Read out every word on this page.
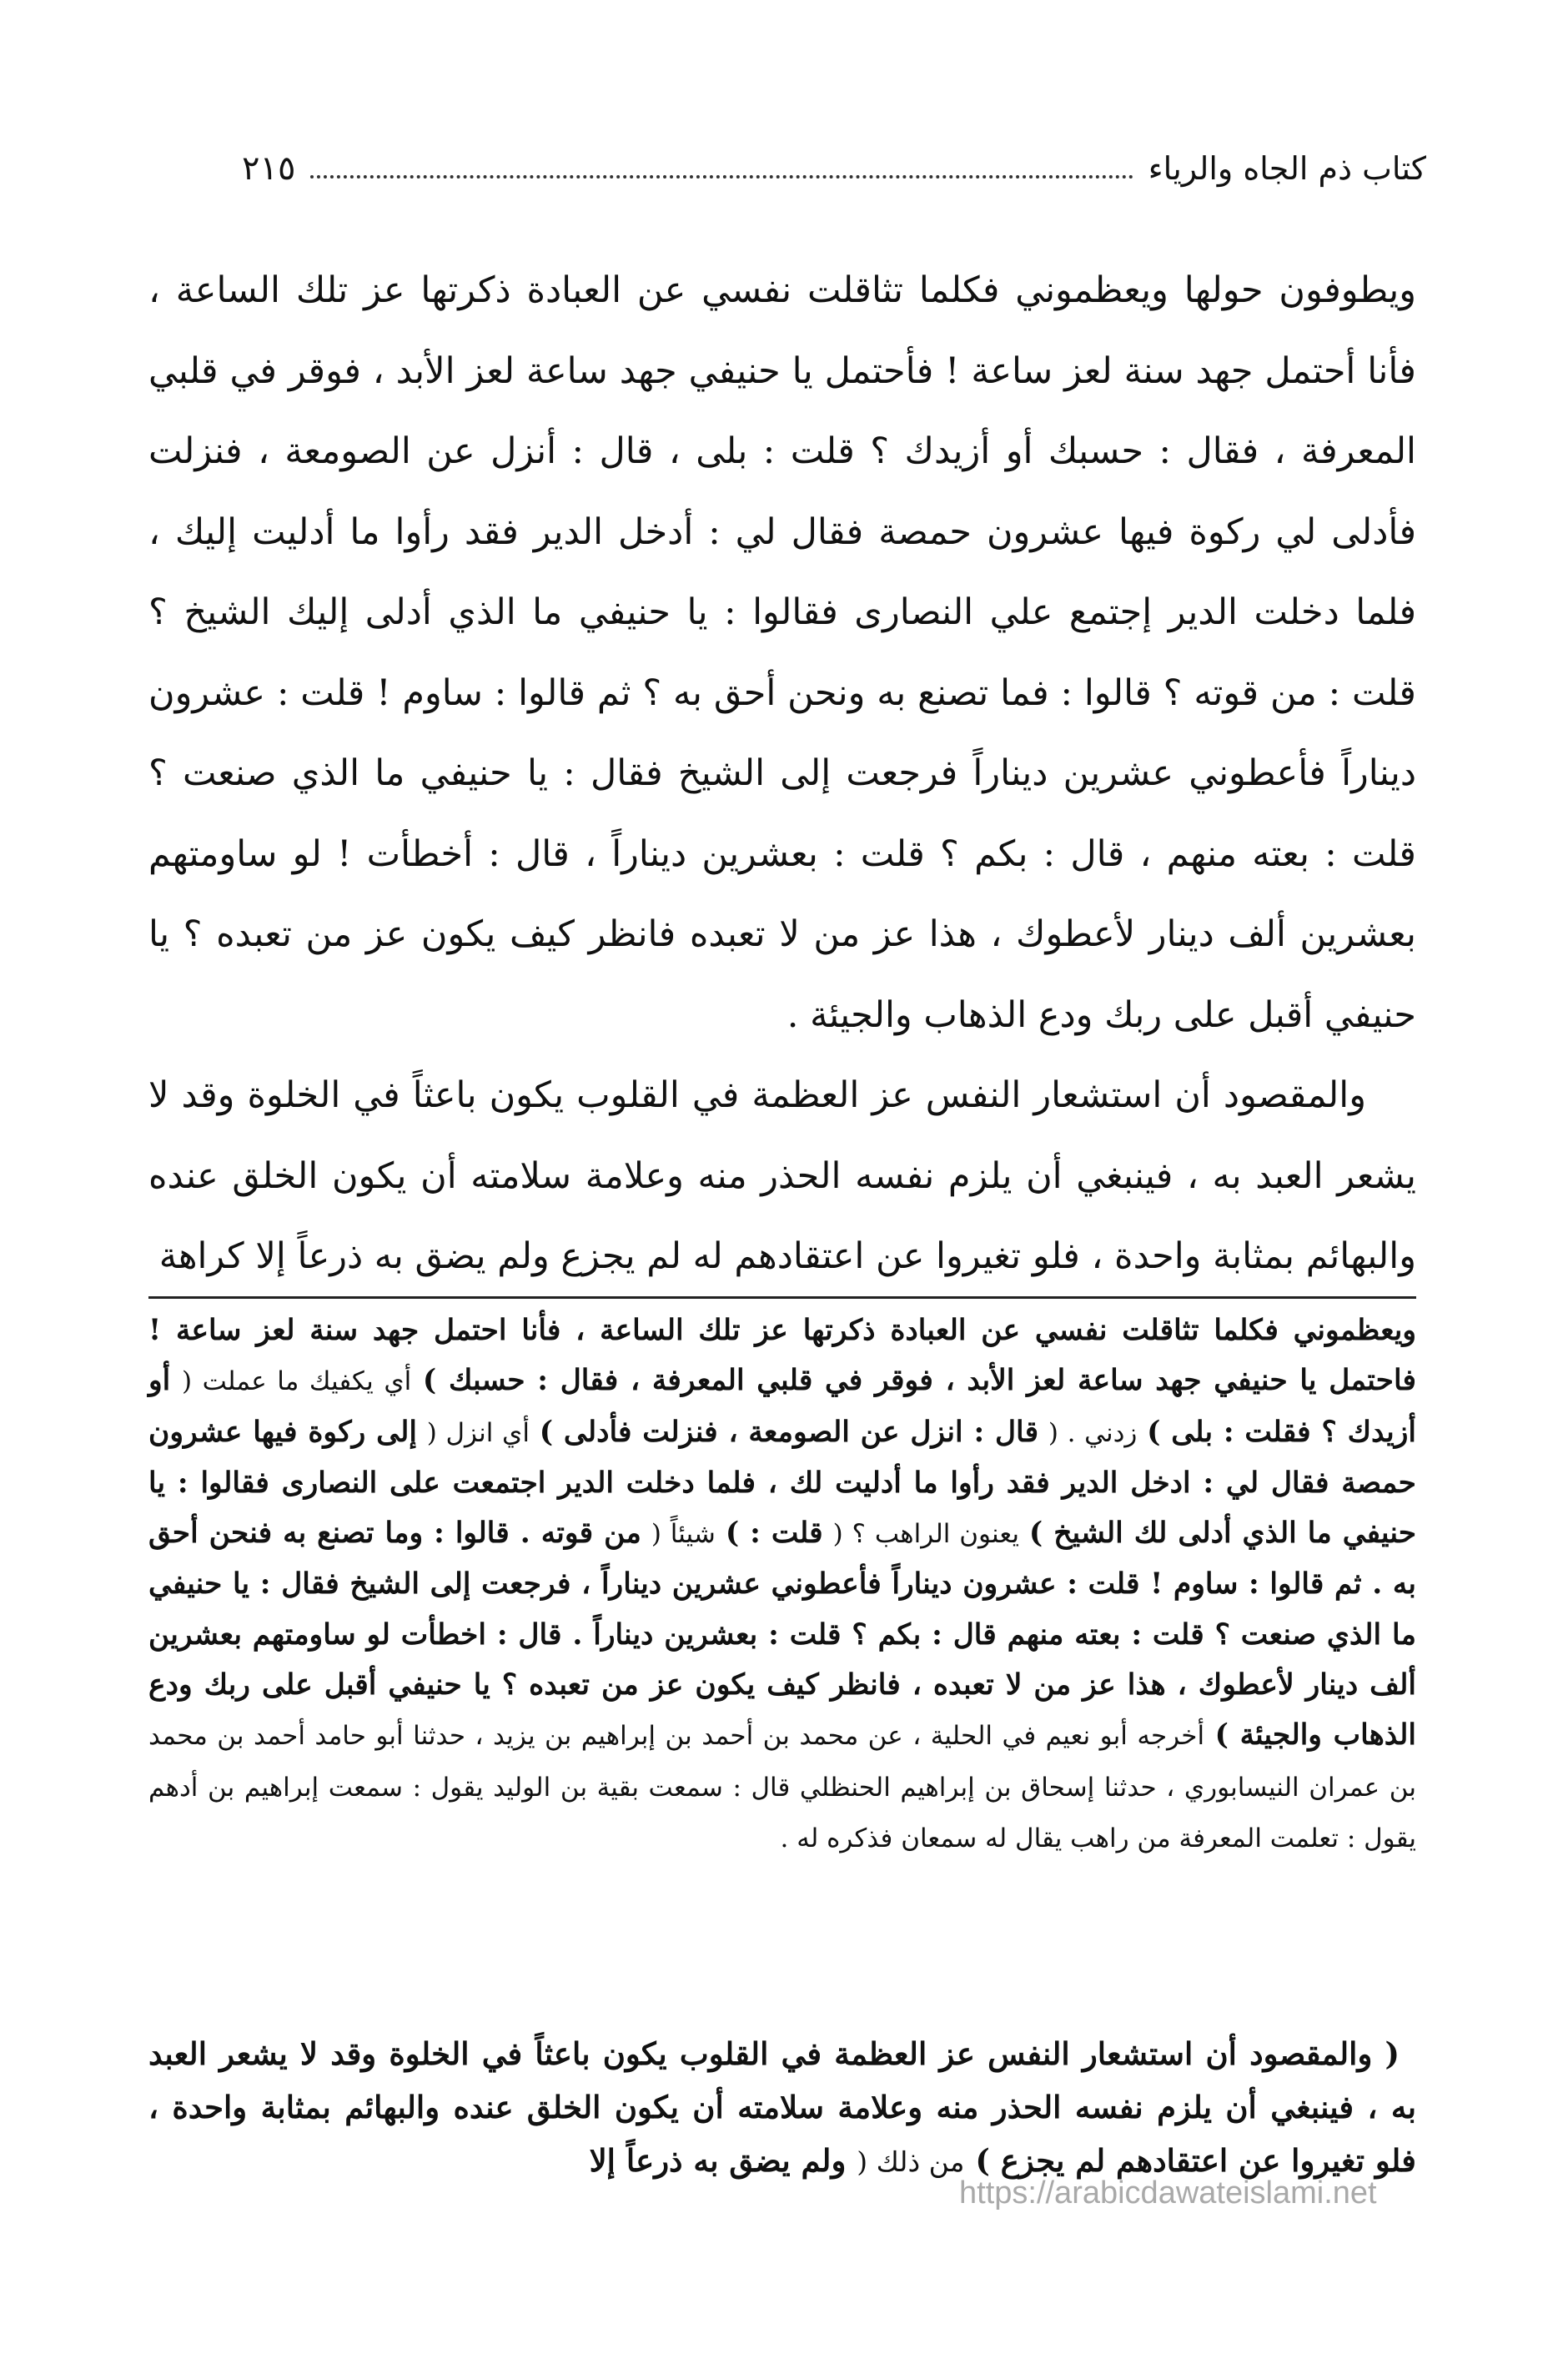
كتاب ذم الجاه والرياء
٢١٥

ويطوفون حولها ويعظموني فكلما تثاقلت نفسي عن العبادة ذكرتها عز تلك الساعة ، فأنا أحتمل جهد سنة لعز ساعة ! فأحتمل يا حنيفي جهد ساعة لعز الأبد ، فوقر في قلبي المعرفة ، فقال : حسبك أو أزيدك ؟ قلت : بلى ، قال : أنزل عن الصومعة ، فنزلت فأدلى لي ركوة فيها عشرون حمصة فقال لي : أدخل الدير فقد رأوا ما أدليت إليك ، فلما دخلت الدير إجتمع علي النصارى فقالوا : يا حنيفي ما الذي أدلى إليك الشيخ ؟ قلت : من قوته ؟ قالوا : فما تصنع به ونحن أحق به ؟ ثم قالوا : ساوم ! قلت : عشرون ديناراً فأعطوني عشرين ديناراً فرجعت إلى الشيخ فقال : يا حنيفي ما الذي صنعت ؟ قلت : بعته منهم ، قال : بكم ؟ قلت : بعشرين ديناراً ، قال : أخطأت ! لو ساومتهم بعشرين ألف دينار لأعطوك ، هذا عز من لا تعبده فانظر كيف يكون عز من تعبده ؟ يا حنيفي أقبل على ربك ودع الذهاب والجيئة .

والمقصود أن استشعار النفس عز العظمة في القلوب يكون باعثاً في الخلوة وقد لا يشعر العبد به ، فينبغي أن يلزم نفسه الحذر منه وعلامة سلامته أن يكون الخلق عنده والبهائم بمثابة واحدة ، فلو تغيروا عن اعتقادهم له لم يجزع ولم يضق به ذرعاً إلا كراهة

ويعظموني فكلما تثاقلت نفسي عن العبادة ذكرتها عز تلك الساعة ، فأنا احتمل جهد سنة لعز ساعة ! فاحتمل يا حنيفي جهد ساعة لعز الأبد ، فوقر في قلبي المعرفة ، فقال : حسبك ) أي يكفيك ما عملت ( أو أزيدك ؟ فقلت : بلى ) زدني . ( قال : انزل عن الصومعة ، فنزلت فأدلى ) أي انزل ( إلى ركوة فيها عشرون حمصة فقال لي : ادخل الدير فقد رأوا ما أدليت لك ، فلما دخلت الدير اجتمعت على النصارى فقالوا : يا حنيفي ما الذي أدلى لك الشيخ ) يعنون الراهب ؟ ( قلت : ) شيئاً ( من قوته . قالوا : وما تصنع به فنحن أحق به . ثم قالوا : ساوم ! قلت : عشرون ديناراً فأعطوني عشرين ديناراً ، فرجعت إلى الشيخ فقال : يا حنيفي ما الذي صنعت ؟ قلت : بعته منهم قال : بكم ؟ قلت : بعشرين ديناراً . قال : اخطأت لو ساومتهم بعشرين ألف دينار لأعطوك ، هذا عز من لا تعبده ، فانظر كيف يكون عز من تعبده ؟ يا حنيفي أقبل على ربك ودع الذهاب والجيئة ) أخرجه أبو نعيم في الحلية ، عن محمد بن أحمد بن إبراهيم بن يزيد ، حدثنا أبو حامد أحمد بن محمد بن عمران النيسابوري ، حدثنا إسحاق بن إبراهيم الحنظلي قال : سمعت بقية بن الوليد يقول : سمعت إبراهيم بن أدهم يقول : تعلمت المعرفة من راهب يقال له سمعان فذكره له .

( والمقصود أن استشعار النفس عز العظمة في القلوب يكون باعثاً في الخلوة وقد لا يشعر العبد به ، فينبغي أن يلزم نفسه الحذر منه وعلامة سلامته أن يكون الخلق عنده والبهائم بمثابة واحدة ، فلو تغيروا عن اعتقادهم لم يجزع ) من ذلك ( ولم يضق به ذرعاً إلا

https://arabicdawateislami.net
